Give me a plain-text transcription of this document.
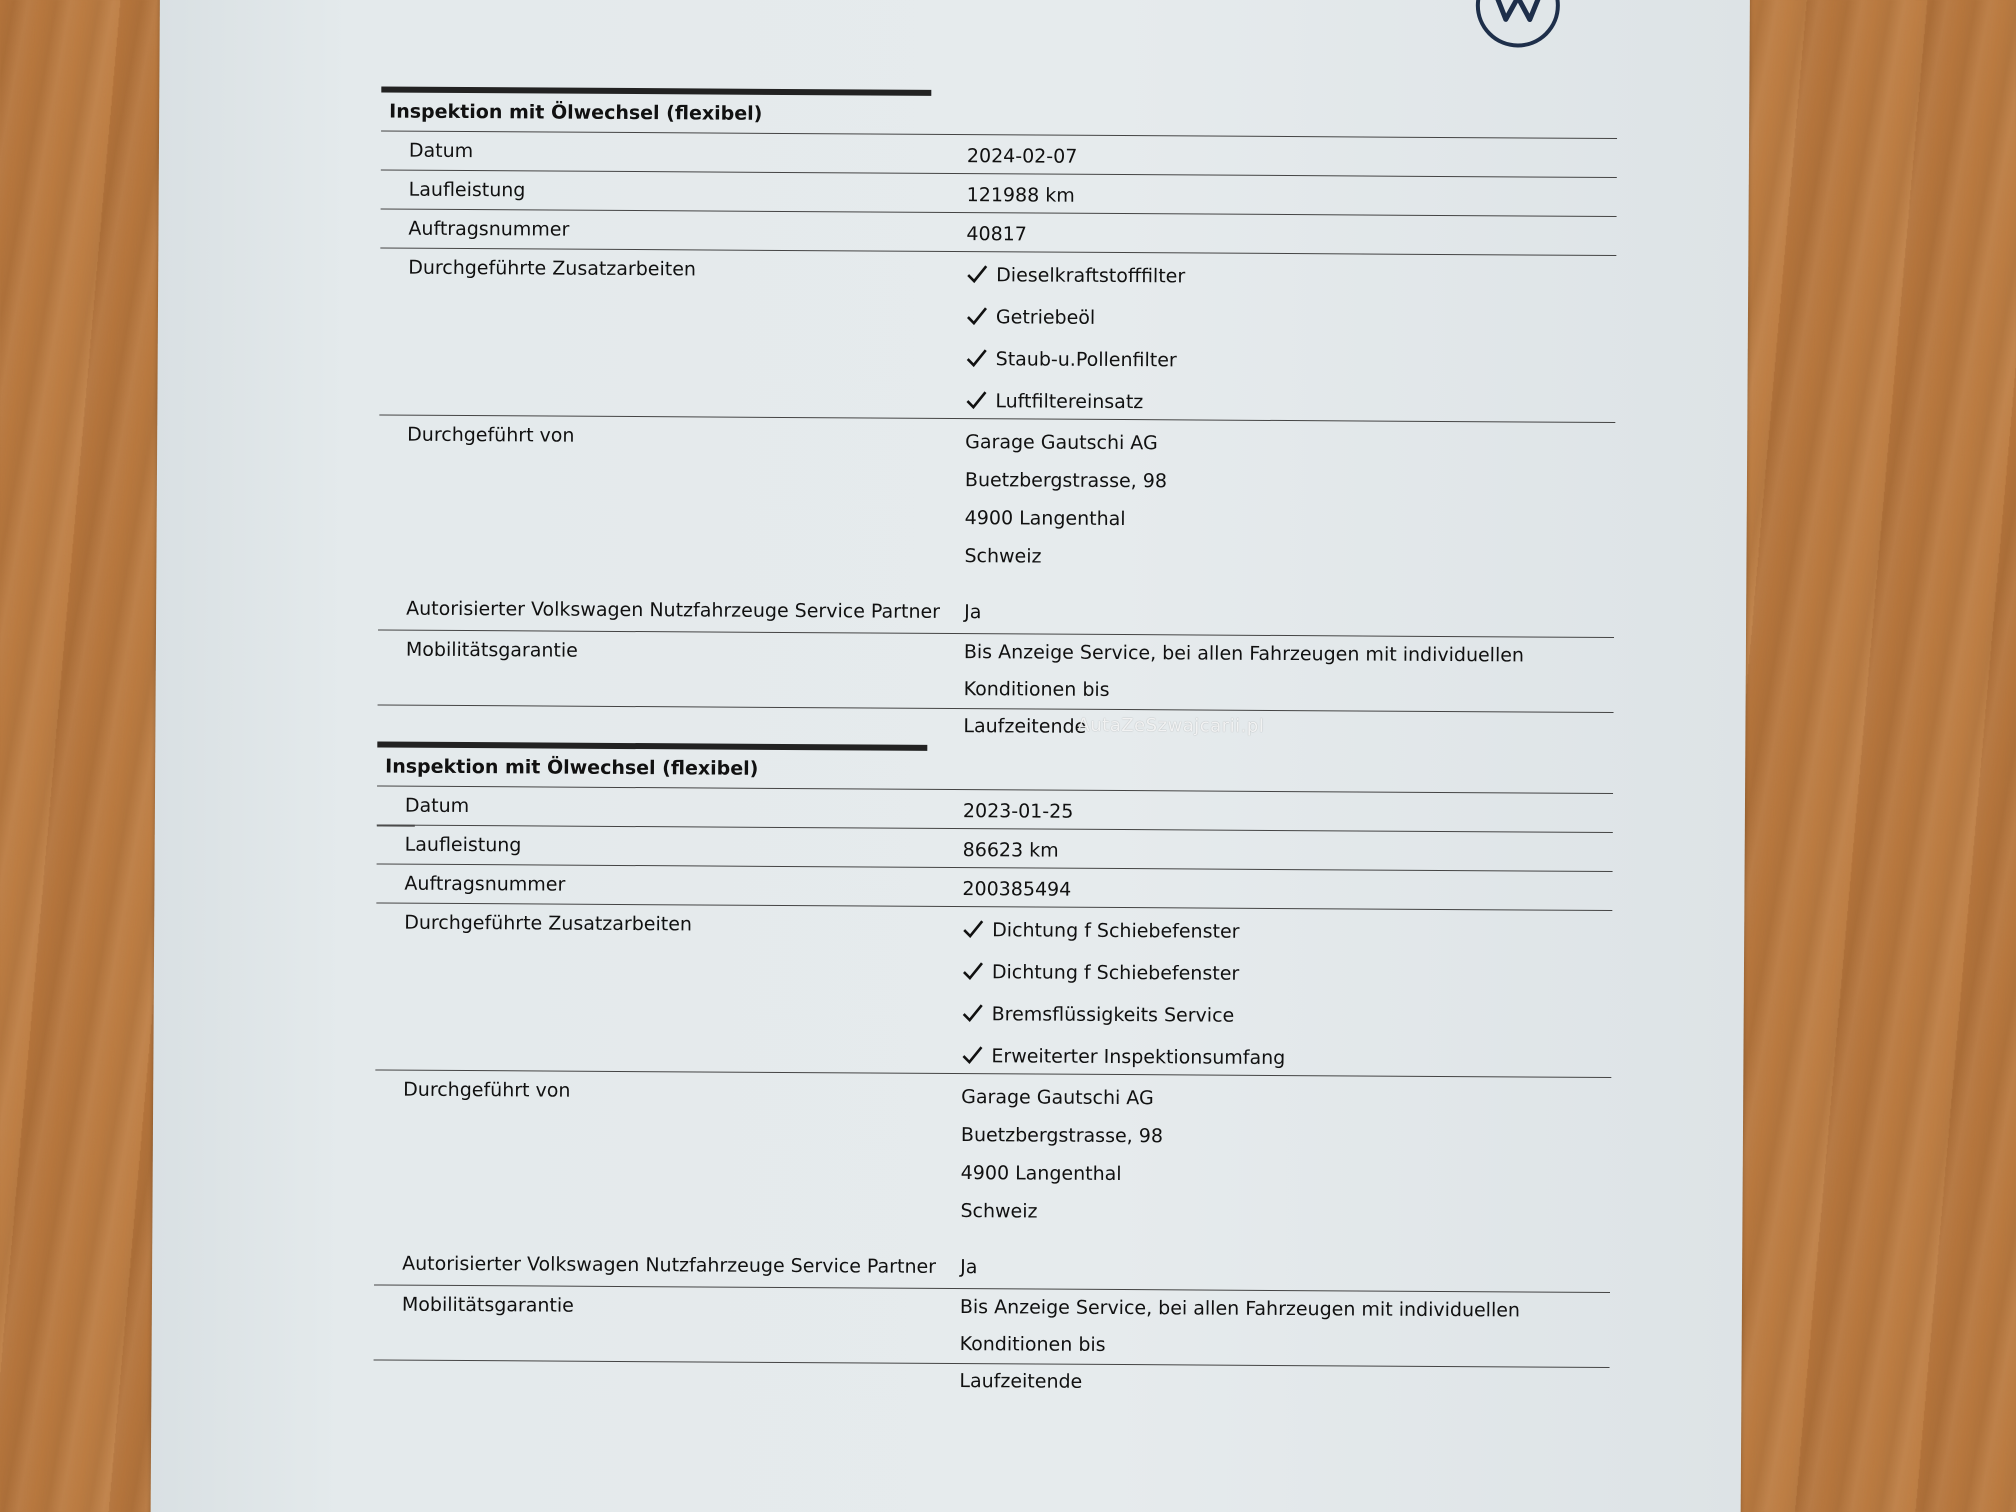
Inspektion mit Ölwechsel (flexibel)
Datum	2024-02-07
Laufleistung	121988 km
Auftragsnummer	40817
Durchgeführte Zusatzarbeiten	Dieselkraftstofffilter
Getriebeöl
Staub-u.Pollenfilter
Luftfiltereinsatz
Durchgeführt von	Garage Gautschi AG
Buetzbergstrasse, 98
4900 Langenthal
Schweiz
Autorisierter Volkswagen Nutzfahrzeuge Service Partner Ja
Mobilitätsgarantie	Bis Anzeige Service, bei allen Fahrzeugen mit individuellen Konditionen bis
Laufzeitende
AutaZeSzwajcarii.pl
Inspektion mit Ölwechsel (flexibel)
Datum	2023-01-25
Laufleistung	86623 km
Auftragsnummer	200385494
Durchgeführte Zusatzarbeiten	Dichtung f Schiebefenster
Dichtung f Schiebefenster
Bremsflüssigkeits Service
Erweiterter Inspektionsumfang
Durchgeführt von	Garage Gautschi AG
Buetzbergstrasse, 98
4900 Langenthal
Schweiz
Autorisierter Volkswagen Nutzfahrzeuge Service Partner Ja
Mobilitätsgarantie	Bis Anzeige Service, bei allen Fahrzeugen mit individuellen Konditionen bis
Laufzeitende
